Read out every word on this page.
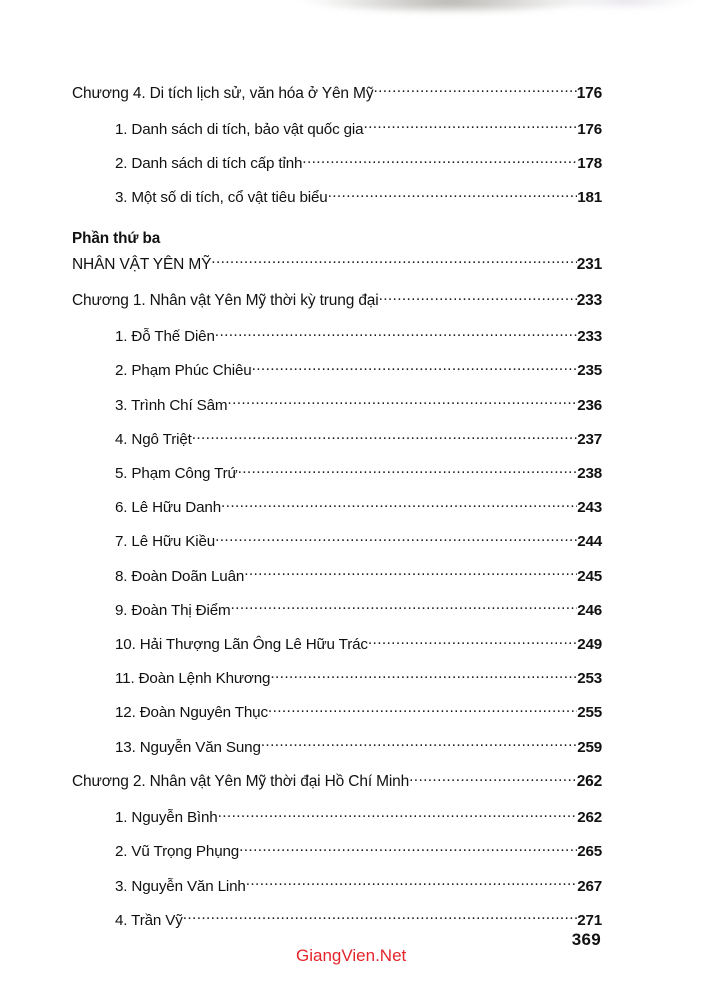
Chương 4. Di tích lịch sử, văn hóa ở Yên Mỹ .....	176
1. Danh sách di tích, bảo vật quốc gia .....	176
2. Danh sách di tích cấp tỉnh .....	178
3. Một số di tích, cổ vật tiêu biểu .....	181
Phần thứ ba
NHÂN VẬT YÊN MỸ .....	231
Chương 1. Nhân vật Yên Mỹ thời kỳ trung đại .....	233
1. Đỗ Thế Diên .....	233
2. Phạm Phúc Chiêu .....	235
3. Trình Chí Sâm .....	236
4. Ngô Triệt .....	237
5. Phạm Công Trứ .....	238
6. Lê Hữu Danh .....	243
7. Lê Hữu Kiều .....	244
8. Đoàn Doãn Luân .....	245
9. Đoàn Thị Điểm .....	246
10. Hải Thượng Lãn Ông Lê Hữu Trác .....	249
11. Đoàn Lệnh Khương .....	253
12. Đoàn Nguyên Thục .....	255
13. Nguyễn Văn Sung .....	259
Chương 2. Nhân vật Yên Mỹ thời đại Hồ Chí Minh .....	262
1. Nguyễn Bình .....	262
2. Vũ Trọng Phụng .....	265
3. Nguyễn Văn Linh .....	267
4. Trần Vỹ .....	271
GiangVien.Net
369
